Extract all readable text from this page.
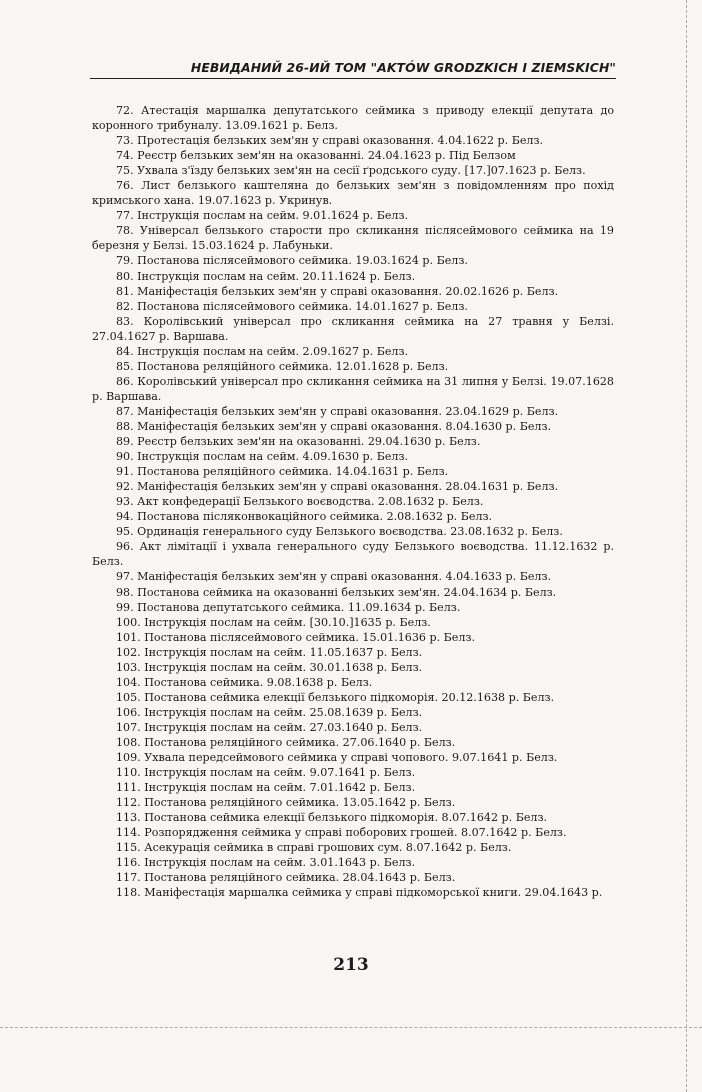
НЕВИДАНИЙ 26-ИЙ ТОМ "AKTÓW GRODZKICH I ZIEMSKICH"

72. Атестація маршалка депутатського сеймика з приводу елекції депутата до коронного трибуналу. 13.09.1621 р. Белз.

73. Протестація белзьких зем'ян у справі оказовання. 4.04.1622 р. Белз.

74. Реєстр белзьких зем'ян на оказованні. 24.04.1623 р. Під Белзом

75. Ухвала з'їзду белзьких зем'ян на сесії ґродського суду. [17.]07.1623 р. Белз.

76. Лист белзького каштеляна до белзьких зем'ян з повідомленням про похід кримського хана. 19.07.1623 р. Укринув.

77. Інструкція послам на сейм. 9.01.1624 р. Белз.

78. Універсал белзького старости про скликання післясеймового сеймика на 19 березня у Белзі. 15.03.1624 р. Лабуньки.

79. Постанова післясеймового сеймика. 19.03.1624 р. Белз.

80. Інструкція послам на сейм. 20.11.1624 р. Белз.

81. Маніфестація белзьких зем'ян у справі оказовання. 20.02.1626 р. Белз.

82. Постанова післясеймового сеймика. 14.01.1627 р. Белз.

83. Королівський універсал про скликання сеймика на 27 травня у Белзі. 27.04.1627 р. Варшава.

84. Інструкція послам на сейм. 2.09.1627 р. Белз.

85. Постанова реляційного сеймика. 12.01.1628 р. Белз.

86. Королівський універсал про скликання сеймика на 31 липня у Белзі. 19.07.1628 р. Варшава.

87. Маніфестація белзьких зем'ян у справі оказовання. 23.04.1629 р. Белз.

88. Маніфестація белзьких зем'ян у справі оказовання. 8.04.1630 р. Белз.

89. Реєстр белзьких зем'ян на оказованні. 29.04.1630 р. Белз.

90. Інструкція послам на сейм. 4.09.1630 р. Белз.

91. Постанова реляційного сеймика. 14.04.1631 р. Белз.

92. Маніфестація белзьких зем'ян у справі оказовання. 28.04.1631 р. Белз.

93. Акт конфедерації Белзького воєводства. 2.08.1632 р. Белз.

94. Постанова післяконвокаційного сеймика. 2.08.1632 р. Белз.

95. Ординація генерального суду Белзького воєводства. 23.08.1632 р. Белз.

96. Акт лімітації і ухвала генерального суду Белзького воєводства. 11.12.1632 р. Белз.

97. Маніфестація белзьких зем'ян у справі оказовання. 4.04.1633 р. Белз.

98. Постанова сеймика на оказованні белзьких зем'ян. 24.04.1634 р. Белз.

99. Постанова депутатського сеймика. 11.09.1634 р. Белз.

100. Інструкція послам на сейм. [30.10.]1635 р. Белз.

101. Постанова післясеймового сеймика. 15.01.1636 р. Белз.

102. Інструкція послам на сейм. 11.05.1637 р. Белз.

103. Інструкція послам на сейм. 30.01.1638 р. Белз.

104. Постанова сеймика. 9.08.1638 р. Белз.

105. Постанова сеймика елекції белзького підкоморія. 20.12.1638 р. Белз.

106. Інструкція послам на сейм. 25.08.1639 р. Белз.

107. Інструкція послам на сейм. 27.03.1640 р. Белз.

108. Постанова реляційного сеймика. 27.06.1640 р. Белз.

109. Ухвала передсеймового сеймика у справі чопового. 9.07.1641 р. Белз.

110. Інструкція послам на сейм. 9.07.1641 р. Белз.

111. Інструкція послам на сейм. 7.01.1642 р. Белз.

112. Постанова реляційного сеймика. 13.05.1642 р. Белз.

113. Постанова сеймика елекції белзького підкоморія. 8.07.1642 р. Белз.

114. Розпорядження сеймика у справі поборових грошей. 8.07.1642 р. Белз.

115. Асекурація сеймика в справі грошових сум. 8.07.1642 р. Белз.

116. Інструкція послам на сейм. 3.01.1643 р. Белз.

117. Постанова реляційного сеймика. 28.04.1643 р. Белз.

118. Маніфестація маршалка сеймика у справі підкоморської книги. 29.04.1643 р.

213
